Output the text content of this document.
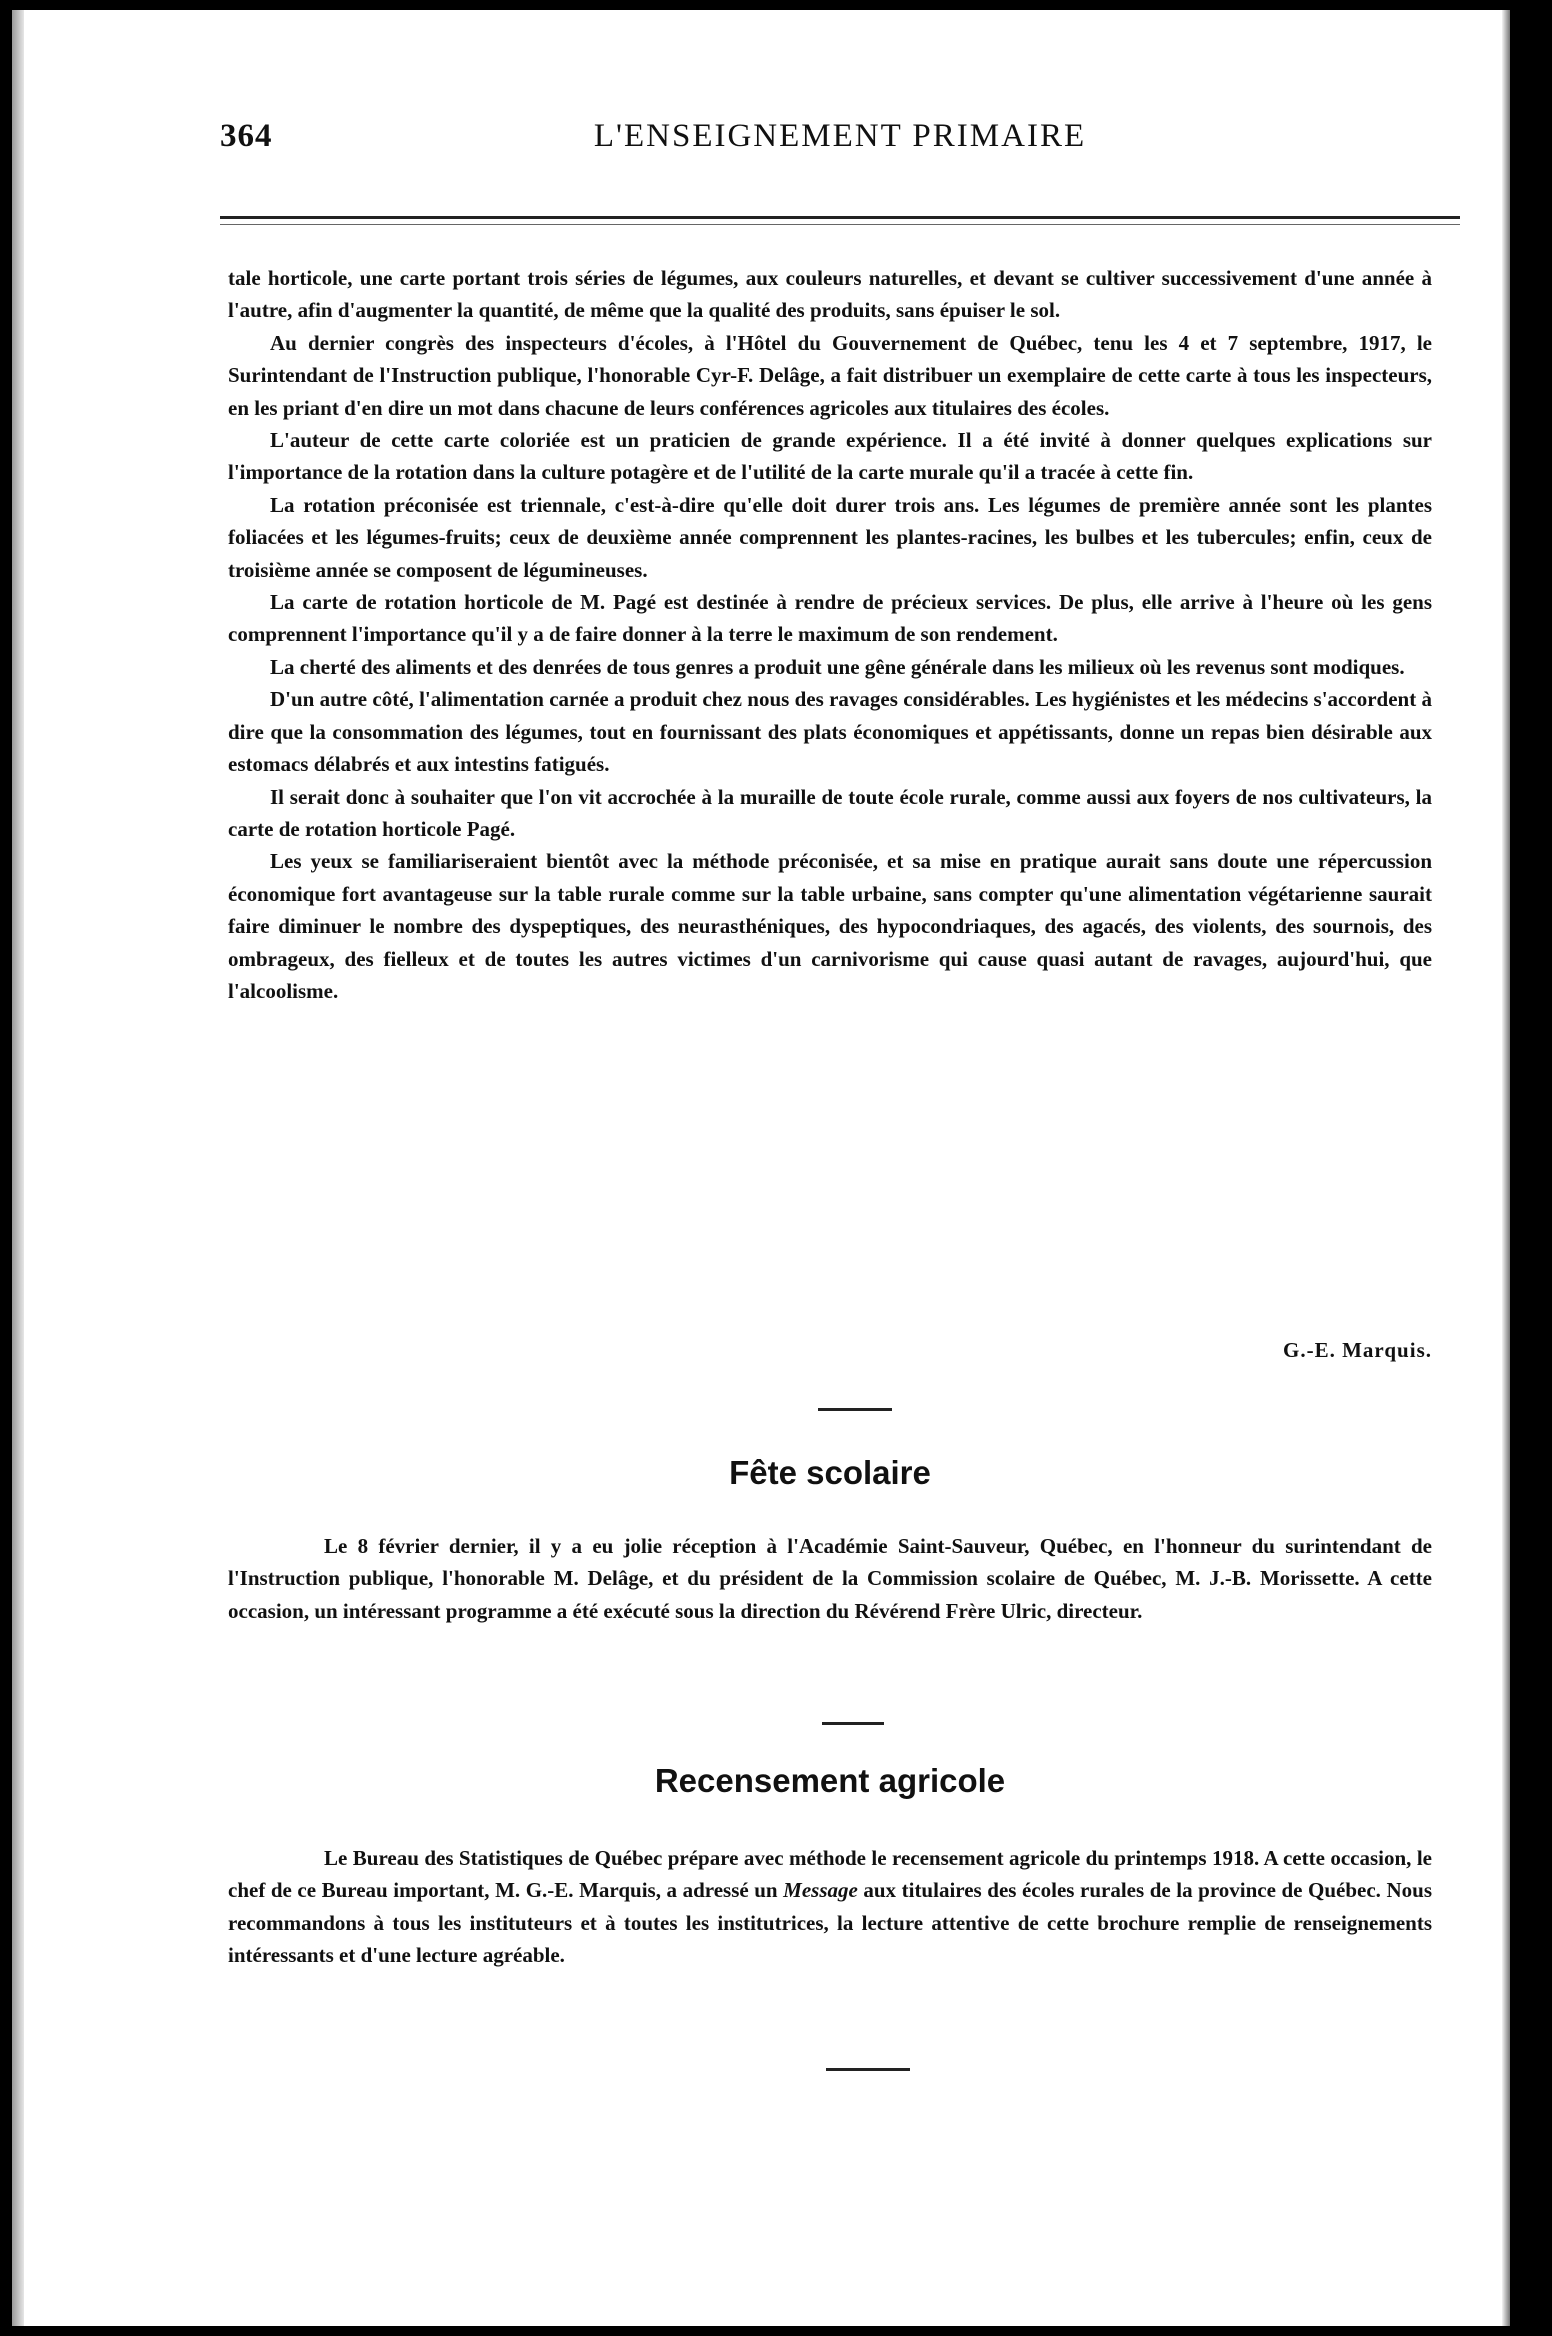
364	L'ENSEIGNEMENT PRIMAIRE

tale horticole, une carte portant trois séries de légumes, aux couleurs naturelles, et devant se cultiver successivement d'une année à l'autre, afin d'augmenter la quantité, de même que la qualité des produits, sans épuiser le sol.

Au dernier congrès des inspecteurs d'écoles, à l'Hôtel du Gouvernement de Québec, tenu les 4 et 7 septembre, 1917, le Surintendant de l'Instruction publique, l'honorable Cyr-F. Delâge, a fait distribuer un exemplaire de cette carte à tous les inspecteurs, en les priant d'en dire un mot dans chacune de leurs conférences agricoles aux titulaires des écoles.

L'auteur de cette carte coloriée est un praticien de grande expérience. Il a été invité à donner quelques explications sur l'importance de la rotation dans la culture potagère et de l'utilité de la carte murale qu'il a tracée à cette fin.

La rotation préconisée est triennale, c'est-à-dire qu'elle doit durer trois ans. Les légumes de première année sont les plantes foliacées et les légumes-fruits; ceux de deuxième année comprennent les plantes-racines, les bulbes et les tubercules; enfin, ceux de troisième année se composent de légumineuses.

La carte de rotation horticole de M. Pagé est destinée à rendre de précieux services. De plus, elle arrive à l'heure où les gens comprennent l'importance qu'il y a de faire donner à la terre le maximum de son rendement.

La cherté des aliments et des denrées de tous genres a produit une gêne générale dans les milieux où les revenus sont modiques.

D'un autre côté, l'alimentation carnée a produit chez nous des ravages considérables. Les hygiénistes et les médecins s'accordent à dire que la consommation des légumes, tout en fournissant des plats économiques et appétissants, donne un repas bien désirable aux estomacs délabrés et aux intestins fatigués.

Il serait donc à souhaiter que l'on vit accrochée à la muraille de toute école rurale, comme aussi aux foyers de nos cultivateurs, la carte de rotation horticole Pagé.

Les yeux se familiariseraient bientôt avec la méthode préconisée, et sa mise en pratique aurait sans doute une répercussion économique fort avantageuse sur la table rurale comme sur la table urbaine, sans compter qu'une alimentation végétarienne saurait faire diminuer le nombre des dyspeptiques, des neurasthéniques, des hypocondriaques, des agacés, des violents, des sournois, des ombrageux, des fielleux et de toutes les autres victimes d'un carnivorisme qui cause quasi autant de ravages, aujourd'hui, que l'alcoolisme.

G.-E. Marquis.
Fête scolaire

Le 8 février dernier, il y a eu jolie réception à l'Académie Saint-Sauveur, Québec, en l'honneur du surintendant de l'Instruction publique, l'honorable M. Delâge, et du président de la Commission scolaire de Québec, M. J.-B. Morissette. A cette occasion, un intéressant programme a été exécuté sous la direction du Révérend Frère Ulric, directeur.

Recensement agricole

Le Bureau des Statistiques de Québec prépare avec méthode le recensement agricole du printemps 1918. A cette occasion, le chef de ce Bureau important, M. G.-E. Marquis, a adressé un Message aux titulaires des écoles rurales de la province de Québec. Nous recommandons à tous les instituteurs et à toutes les institutrices, la lecture attentive de cette brochure remplie de renseignements intéressants et d'une lecture agréable.
